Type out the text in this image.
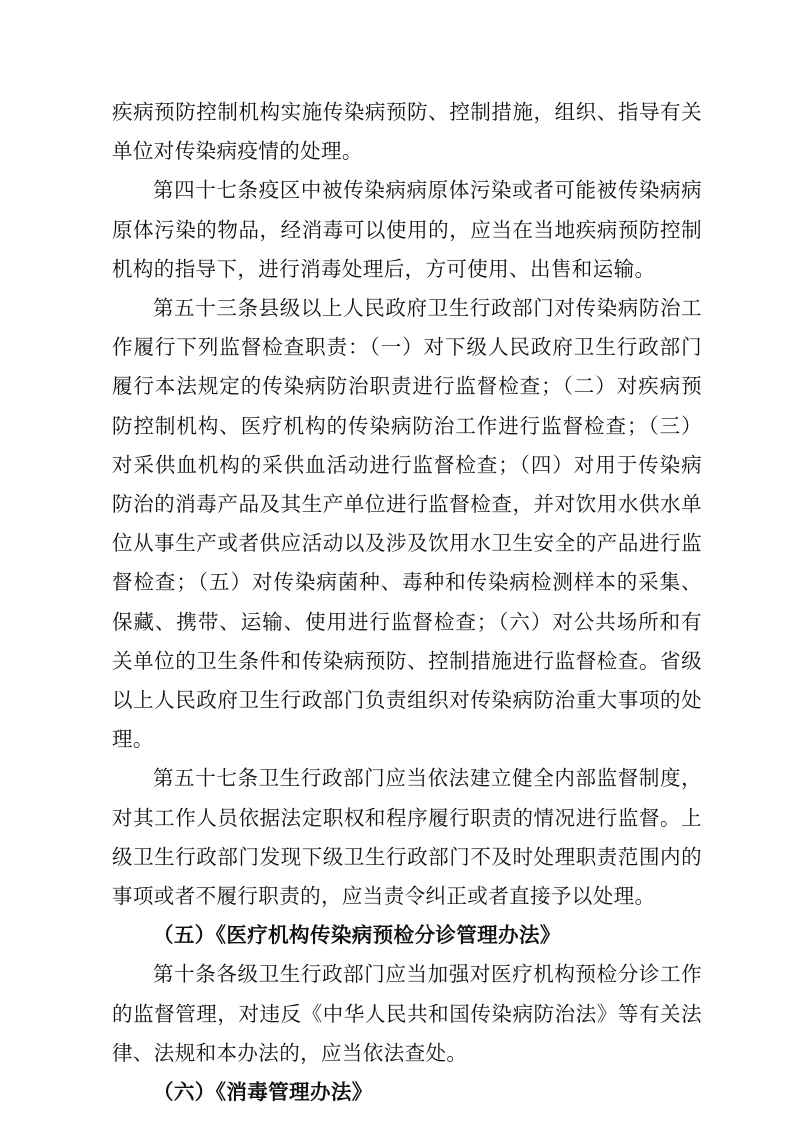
疾病预防控制机构实施传染病预防、控制措施，组织、指导有关单位对传染病疫情的处理。

第四十七条疫区中被传染病病原体污染或者可能被传染病病原体污染的物品，经消毒可以使用的，应当在当地疾病预防控制机构的指导下，进行消毒处理后，方可使用、出售和运输。

第五十三条县级以上人民政府卫生行政部门对传染病防治工作履行下列监督检查职责：（一）对下级人民政府卫生行政部门履行本法规定的传染病防治职责进行监督检查；（二）对疾病预防控制机构、医疗机构的传染病防治工作进行监督检查；（三）对采供血机构的采供血活动进行监督检查；（四）对用于传染病防治的消毒产品及其生产单位进行监督检查，并对饮用水供水单位从事生产或者供应活动以及涉及饮用水卫生安全的产品进行监督检查；（五）对传染病菌种、毒种和传染病检测样本的采集、保藏、携带、运输、使用进行监督检查；（六）对公共场所和有关单位的卫生条件和传染病预防、控制措施进行监督检查。省级以上人民政府卫生行政部门负责组织对传染病防治重大事项的处理。

第五十七条卫生行政部门应当依法建立健全内部监督制度，对其工作人员依据法定职权和程序履行职责的情况进行监督。上级卫生行政部门发现下级卫生行政部门不及时处理职责范围内的事项或者不履行职责的，应当责令纠正或者直接予以处理。

（五）《医疗机构传染病预检分诊管理办法》

第十条各级卫生行政部门应当加强对医疗机构预检分诊工作的监督管理，对违反《中华人民共和国传染病防治法》等有关法律、法规和本办法的，应当依法查处。

（六）《消毒管理办法》
